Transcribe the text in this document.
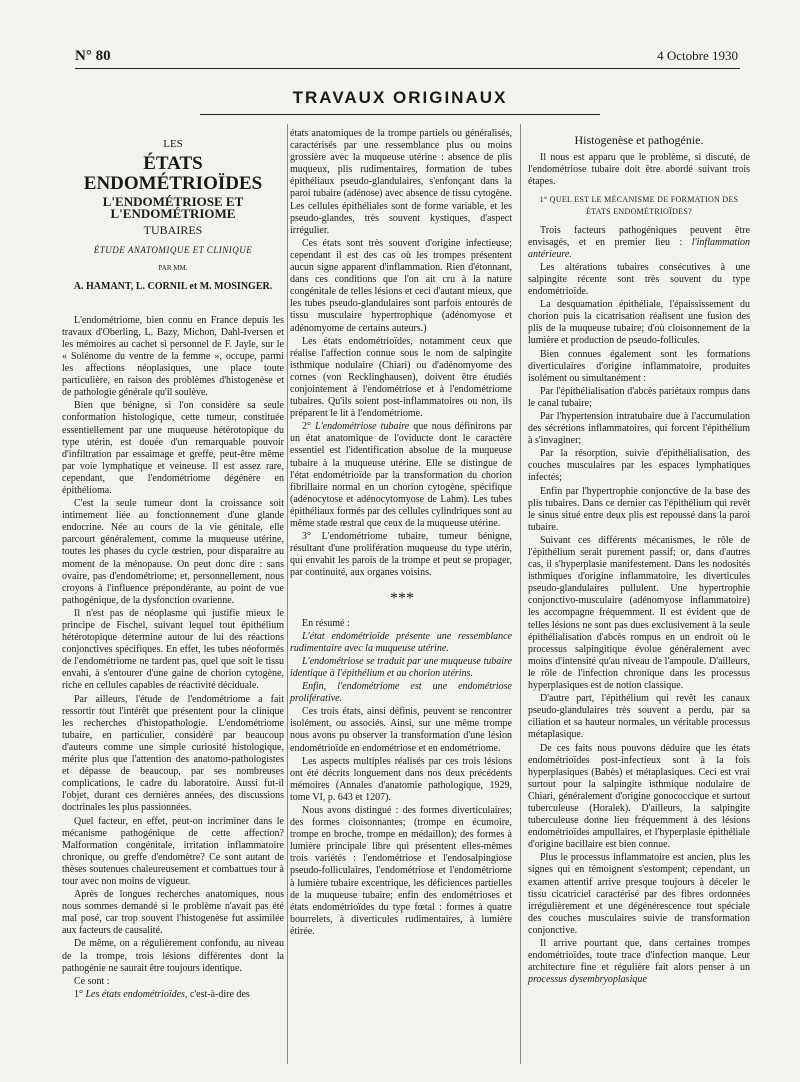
N° 80	4 Octobre 1930
TRAVAUX ORIGINAUX
LES
ÉTATS ENDOMÉTRIOÏDES
L'ENDOMÉTRIOSE ET L'ENDOMÉTRIOME
TUBAIRES
ÉTUDE ANATOMIQUE ET CLINIQUE
PAR MM.
A. HAMANT, L. CORNIL et M. MOSINGER.

L'endométriome, bien connu en France depuis les travaux d'Oberling, L. Bazy, Michon, Dahl-Iversen et les mémoires au cachet si personnel de F. Jayle, sur le « Solénome du ventre de la femme », occupe, parmi les affections néoplasiques, une place toute particulière, en raison des problèmes d'histogenèse et de pathologie générale qu'il soulève.

Bien que bénigne, si l'on considère sa seule conformation histologique, cette tumeur, constituée essentiellement par une muqueuse hétérotopique du type utérin, est douée d'un remarquable pouvoir d'infiltration par essaimage et greffe, peut-être même par voie lymphatique et veineuse. Il est assez rare, cependant, que l'endométriome dégénère en épithélioma.

C'est la seule tumeur dont la croissance soit intimement liée au fonctionnement d'une glande endocrine. Née au cours de la vie génitale, elle parcourt généralement, comme la muqueuse utérine, toutes les phases du cycle œstrien, pour disparaître au moment de la ménopause. On peut donc dire : sans ovaire, pas d'endométriome; et, personnellement, nous croyons à l'influence prépondérante, au point de vue pathogénique, de la dysfonction ovarienne.

Il n'est pas de néoplasme qui justifie mieux le principe de Fischel, suivant lequel tout épithélium hétérotopique détermine autour de lui des réactions conjonctives spécifiques. En effet, les tubes néoformés de l'endométriome ne tardent pas, quel que soit le tissu envahi, à s'entourer d'une gaine de chorion cytogène, riche en cellules capables de réactivité déciduale.

Par ailleurs, l'étude de l'endométriome a fait ressortir tout l'intérêt que présentent pour la clinique les recherches d'histopathologie. L'endométriome tubaire, en particulier, considéré par beaucoup d'auteurs comme une simple curiosité histologique, mérite plus que l'attention des anatomo-pathologistes et dépasse de beaucoup, par ses nombreuses complications, le cadre du laboratoire. Aussi fut-il l'objet, durant ces dernières années, des discussions doctrinales les plus passionnées.

Quel facteur, en effet, peut-on incriminer dans le mécanisme pathogénique de cette affection? Malformation congénitale, irritation inflammatoire chronique, ou greffe d'endomètre? Ce sont autant de thèses soutenues chaleureusement et combattues tour à tour avec non moins de vigueur.

Après de longues recherches anatomiques, nous nous sommes demandé si le problème n'avait pas été mal posé, car trop souvent l'histogenèse fut assimilée aux facteurs de causalité.

De même, on a régulièrement confondu, au niveau de la trompe, trois lésions différentes dont la pathogénie ne saurait être toujours identique.

Ce sont :

1° Les états endométrioïdes, c'est-à-dire des

états anatomiques de la trompe partiels ou généralisés, caractérisés par une ressemblance plus ou moins grossière avec la muqueuse utérine : absence de plis muqueux, plis rudimentaires, formation de tubes épithéliaux pseudo-glandulaires, s'enfonçant dans la paroi tubaire (adénose) avec absence de tissu cytogène. Les cellules épithéliales sont de forme variable, et les pseudo-glandes, très souvent kystiques, d'aspect irrégulier.

Ces états sont très souvent d'origine infectieuse; cependant il est des cas où les trompes présentent aucun signe apparent d'inflammation. Rien d'étonnant, dans ces conditions que l'on ait cru à la nature congénitale de telles lésions et ceci d'autant mieux, que les tubes pseudo-glandulaires sont parfois entourés de tissu musculaire hypertrophique (adénomyose et adénomyome de certains auteurs.)

Les états endométrioïdes, notamment ceux que réalise l'affection connue sous le nom de salpingite isthmique nodulaire (Chiari) ou d'adénomyome des cornes (von Recklinghausen), doivent être étudiés conjointement à l'endométriose et à l'endométriome tubaires. Qu'ils soient post-inflammatoires ou non, ils préparent le lit à l'endométriome.

2° L'endométriose tubaire que nous définirons par un état anatomique de l'oviducte dont le caractère essentiel est l'identification absolue de la muqueuse tubaire à la muqueuse utérine. Elle se distingue de l'état endométrioïde par la transformation du chorion fibrillaire normal en un chorion cytogène, spécifique (adénocytose et adénocytomyose de Lahm). Les tubes épithéliaux formés par des cellules cylindriques sont au même stade œstral que ceux de la muqueuse utérine.

3° L'endométriome tubaire, tumeur bénigne, résultant d'une prolifération muqueuse du type utérin, qui envahit les parois de la trompe et peut se propager, par continuité, aux organes voisins.

* * *

En résumé :

L'état endométrioïde présente une ressemblance rudimentaire avec la muqueuse utérine.

L'endométriose se traduit par une muqueuse tubaire identique à l'épithélium et au chorion utérins.

Enfin, l'endométriome est une endométriose proliférative.

Ces trois états, ainsi définis, peuvent se rencontrer isolément, ou associés. Ainsi, sur une même trompe nous avons pu observer la transformation d'une lésion endométrioïde en endométriose et en endométriome.

Les aspects multiples réalisés par ces trois lésions ont été décrits longuement dans nos deux précédents mémoires (Annales d'anatomie pathologique, 1929, tome VI, p. 643 et 1207).

Nous avons distingué : des formes diverticulaires; des formes cloisonnantes; (trompe en écumoire, trompe en broche, trompe en médaillon); des formes à lumière principale libre qui présentent elles-mêmes trois variétés : l'endométriose et l'endosalpingiose pseudo-folliculaires, l'endométriose et l'endométriome à lumière tubaire excentrique, les déficiences partielles de la muqueuse tubaire; enfin des endométrioses et états endométrioïdes du type fœtal : formes à quatre bourrelets, à diverticules rudimentaires, à lumière étirée.

Histogenèse et pathogénie.

Il nous est apparu que le problème, si discuté, de l'endométriose tubaire doit être abordé suivant trois étapes.

1° QUEL EST LE MÉCANISME DE FORMATION DES ÉTATS ENDOMÉTRIOÏDES?

Trois facteurs pathogéniques peuvent être envisagés, et en premier lieu : l'inflammation antérieure.

Les altérations tubaires consécutives à une salpingite récente sont très souvent du type endométrioïde.

La desquamation épithéliale, l'épaississement du chorion puis la cicatrisation réalisent une fusion des plis de la muqueuse tubaire; d'où cloisonnement de la lumière et production de pseudo-follicules.

Bien connues également sont les formations diverticulaires d'origine inflammatoire, produites isolément ou simultanément :

Par l'épithélialisation d'abcès pariétaux rompus dans le canal tubaire;

Par l'hypertension intratubaire due à l'accumulation des sécrétions inflammatoires, qui forcent l'épithélium à s'invaginer;

Par la résorption, suivie d'épithélialisation, des couches musculaires par les espaces lymphatiques infectés;

Enfin par l'hypertrophie conjonctive de la base des plis tubaires. Dans ce dernier cas l'épithélium qui revêt le sinus situé entre deux plis est repoussé dans la paroi tubaire.

Suivant ces différents mécanismes, le rôle de l'épithélium serait purement passif; or, dans d'autres cas, il s'hyperplasie manifestement. Dans les nodosités isthmiques d'origine inflammatoire, les diverticules pseudo-glandulaires pullulent. Une hypertrophie conjonctivo-musculaire (adénomyose inflammatoire) les accompagne fréquemment. Il est évident que de telles lésions ne sont pas dues exclusivement à la seule épithélialisation d'abcès rompus en un endroit où le processus salpingitique évolue généralement avec moins d'intensité qu'au niveau de l'ampoule. D'ailleurs, le rôle de l'infection chronique dans les processus hyperplasiques est de notion classique.

D'autre part, l'épithélium qui revêt les canaux pseudo-glandulaires très souvent a perdu, par sa ciliation et sa hauteur normales, un véritable processus métaplasique.

De ces faits nous pouvons déduire que les états endométrioïdes post-infectieux sont à la fois hyperplasiques (Babès) et métaplasiques. Ceci est vrai surtout pour la salpingite isthmique nodulaire de Chiari, généralement d'origine gonococcique et surtout tuberculeuse (Horalek). D'ailleurs, la salpingite tuberculeuse donne lieu fréquemment à des lésions endométrioïdes ampullaires, et l'hyperplasie épithéliale d'origine bacillaire est bien connue.

Plus le processus inflammatoire est ancien, plus les signes qui en témoignent s'estompent; cependant, un examen attentif arrive presque toujours à déceler le tissu cicatriciel caractérisé par des fibres ordonnées irrégulièrement et une dégénérescence tout spéciale des couches musculaires suivie de transformation conjonctive.

Il arrive pourtant que, dans certaines trompes endométrioïdes, toute trace d'infection manque. Leur architecture fine et régulière fait alors penser à un processus dysembryoplasique
